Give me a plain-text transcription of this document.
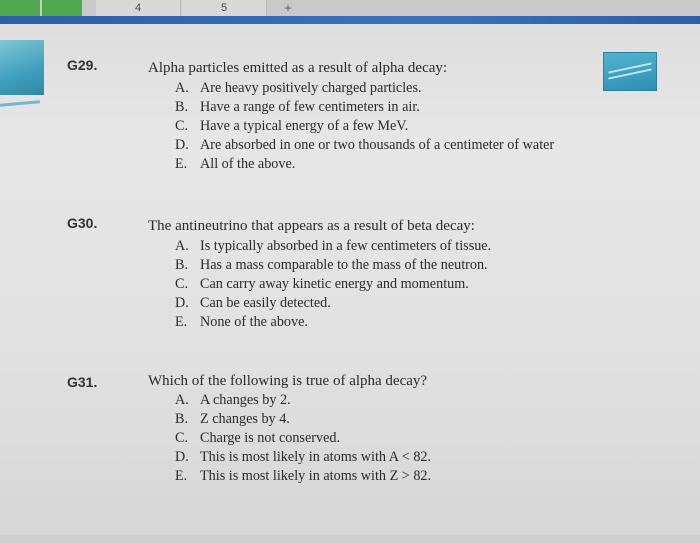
4	5	+
G29.	Alpha particles emitted as a result of alpha decay:
A. Are heavy positively charged particles.
B. Have a range of few centimeters in air.
C. Have a typical energy of a few MeV.
D. Are absorbed in one or two thousands of a centimeter of water
E. All of the above.
G30.	The antineutrino that appears as a result of beta decay:
A. Is typically absorbed in a few centimeters of tissue.
B. Has a mass comparable to the mass of the neutron.
C. Can carry away kinetic energy and momentum.
D. Can be easily detected.
E. None of the above.
G31.	Which of the following is true of alpha decay?
A. A changes by 2.
B. Z changes by 4.
C. Charge is not conserved.
D. This is most likely in atoms with A < 82.
E. This is most likely in atoms with Z > 82.
